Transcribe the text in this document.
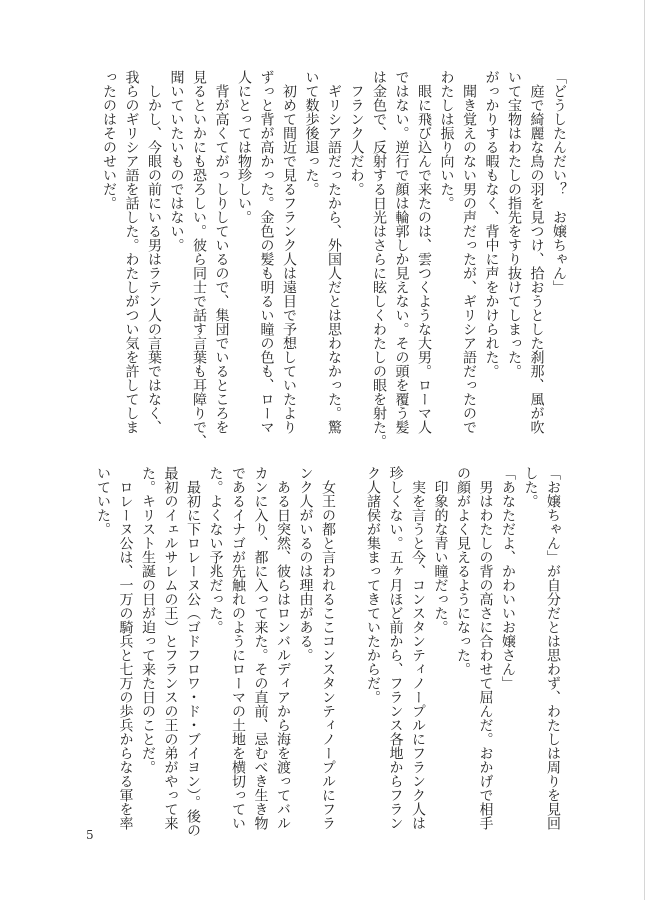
「どうしたんだい？　お嬢ちゃん」
　庭で綺麗な鳥の羽を見つけ、拾おうとした刹那、風が吹
いて宝物はわたしの指先をすり抜けてしまった。
がっかりする暇もなく、背中に声をかけられた。
　聞き覚えのない男の声だったが、ギリシア語だったので
わたしは振り向いた。
　眼に飛び込んで来たのは、雲つくような大男。ローマ人
ではない。逆行で顔は輪郭しか見えない。その頭を覆う髪
は金色で、反射する日光はさらに眩しくわたしの眼を射た。
　フランク人だわ。
　ギリシア語だったから、外国人だとは思わなかった。驚
いて数歩後退った。
　初めて間近で見るフランク人は遠目で予想していたより
ずっと背が高かった。金色の髪も明るい瞳の色も、ローマ
人にとっては物珍しい。
　背が高くてがっしりしているので、集団でいるところを
見るといかにも恐ろしい。彼ら同士で話す言葉も耳障りで、
聞いていたいものではない。
　しかし、今眼の前にいる男はラテン人の言葉ではなく、
我らのギリシア語を話した。わたしがつい気を許してしま
ったのはそのせいだ。
「お嬢ちゃん」が自分だとは思わず、わたしは周りを見回
した。
「あなただよ、かわいいお嬢さん」
　男はわたしの背の高さに合わせて屈んだ。おかげで相手
の顔がよく見えるようになった。
　印象的な青い瞳だった。
　実を言うと今、コンスタンティノープルにフランク人は
珍しくない。五ヶ月ほど前から、フランス各地からフラン
ク人諸侯が集まってきていたからだ。

　女王の都と言われるここコンスタンティノープルにフラ
ンク人がいるのは理由がある。
　ある日突然、彼らはロンバルディアから海を渡ってバル
カンに入り、都に入って来た。その直前、忌むべき生き物
であるイナゴが先触れのようにローマの土地を横切ってい
た。よくない予兆だった。
　最初に下ロレーヌ公（ゴドフロワ・ド・ブイヨン）。後の
最初のイェルサレムの王）とフランスの王の弟がやって来
た。キリスト生誕の日が迫って来た日のことだ。
　ロレーヌ公は、一万の騎兵と七万の歩兵からなる軍を率
いていた。
5
